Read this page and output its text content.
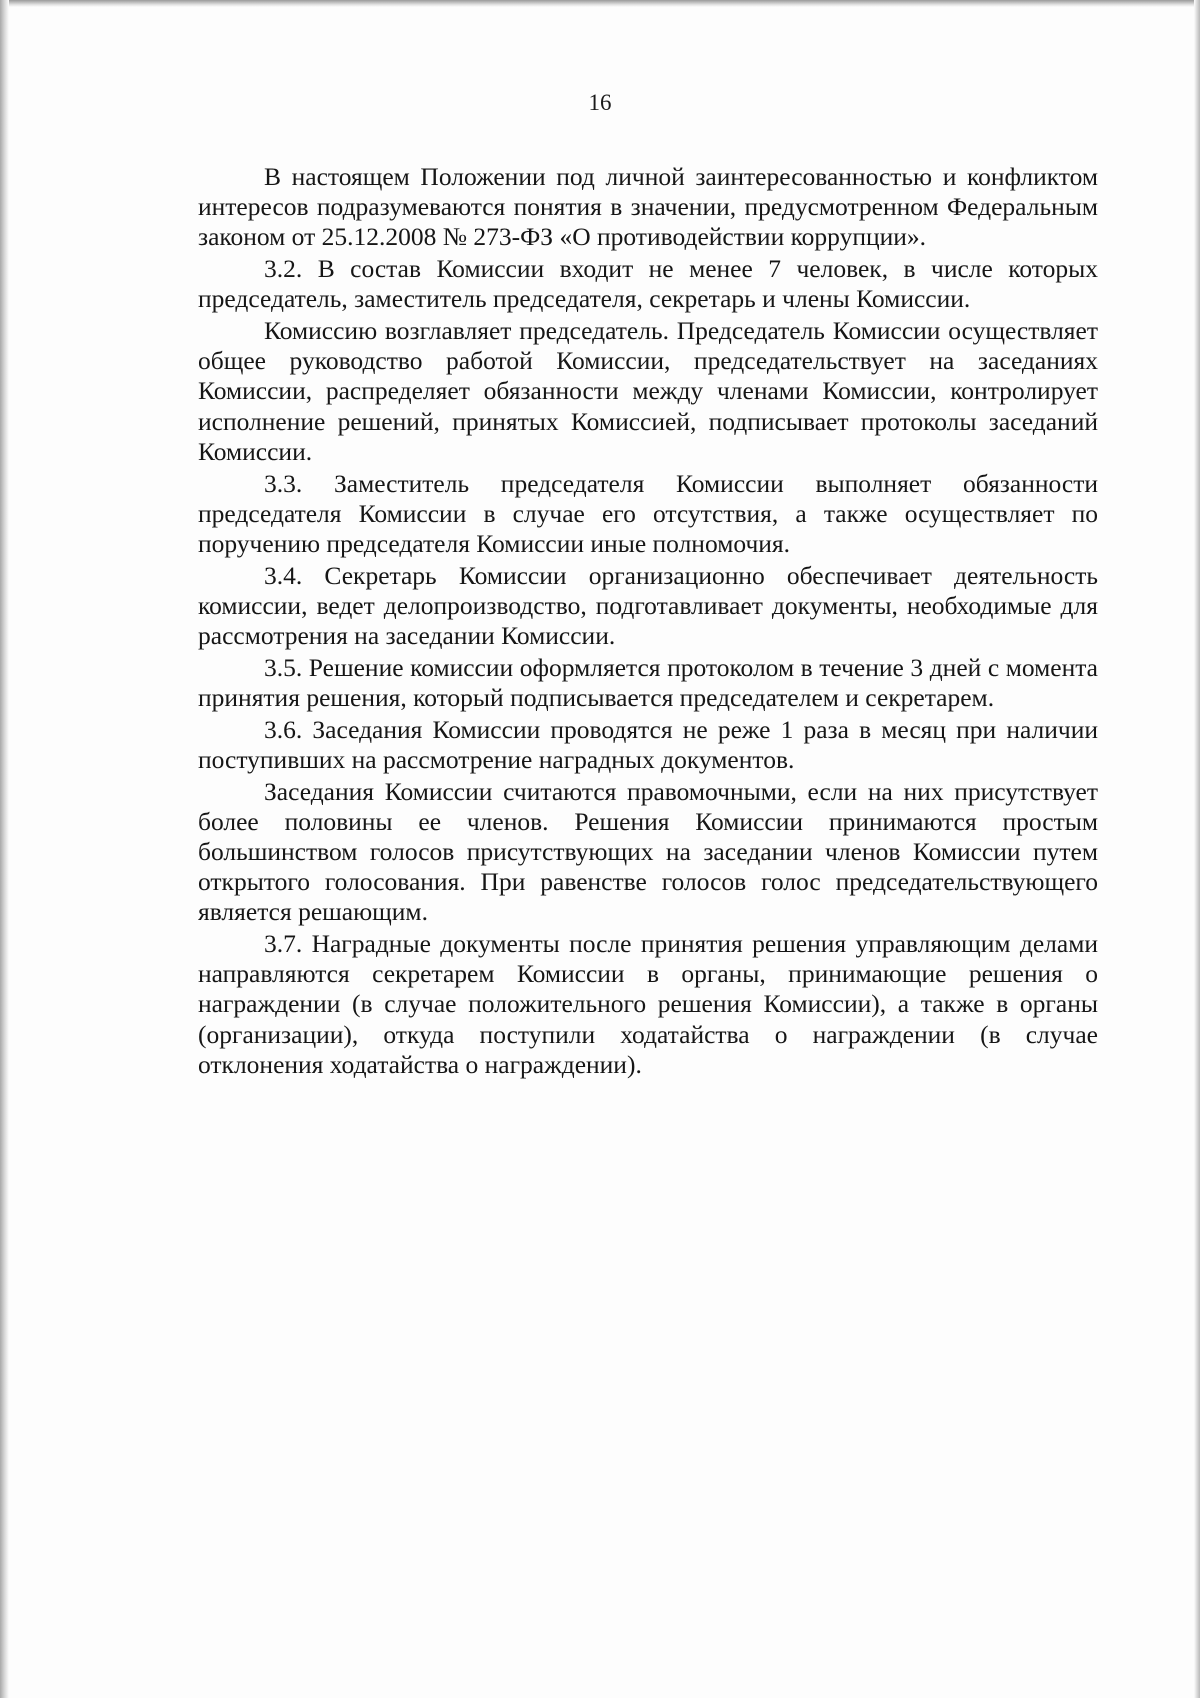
16

В настоящем Положении под личной заинтересованностью и конфликтом интересов подразумеваются понятия в значении, предусмотренном Федеральным законом от 25.12.2008 № 273-ФЗ «О противодействии коррупции».

3.2. В состав Комиссии входит не менее 7 человек, в числе которых председатель, заместитель председателя, секретарь и члены Комиссии.

Комиссию возглавляет председатель. Председатель Комиссии осуществляет общее руководство работой Комиссии, председательствует на заседаниях Комиссии, распределяет обязанности между членами Комиссии, контролирует исполнение решений, принятых Комиссией, подписывает протоколы заседаний Комиссии.

3.3. Заместитель председателя Комиссии выполняет обязанности председателя Комиссии в случае его отсутствия, а также осуществляет по поручению председателя Комиссии иные полномочия.

3.4. Секретарь Комиссии организационно обеспечивает деятельность комиссии, ведет делопроизводство, подготавливает документы, необходимые для рассмотрения на заседании Комиссии.

3.5. Решение комиссии оформляется протоколом в течение 3 дней с момента принятия решения, который подписывается председателем и секретарем.

3.6. Заседания Комиссии проводятся не реже 1 раза в месяц при наличии поступивших на рассмотрение наградных документов.

Заседания Комиссии считаются правомочными, если на них присутствует более половины ее членов. Решения Комиссии принимаются простым большинством голосов присутствующих на заседании членов Комиссии путем открытого голосования. При равенстве голосов голос председательствующего является решающим.

3.7. Наградные документы после принятия решения управляющим делами направляются секретарем Комиссии в органы, принимающие решения о награждении (в случае положительного решения Комиссии), а также в органы (организации), откуда поступили ходатайства о награждении (в случае отклонения ходатайства о награждении).
